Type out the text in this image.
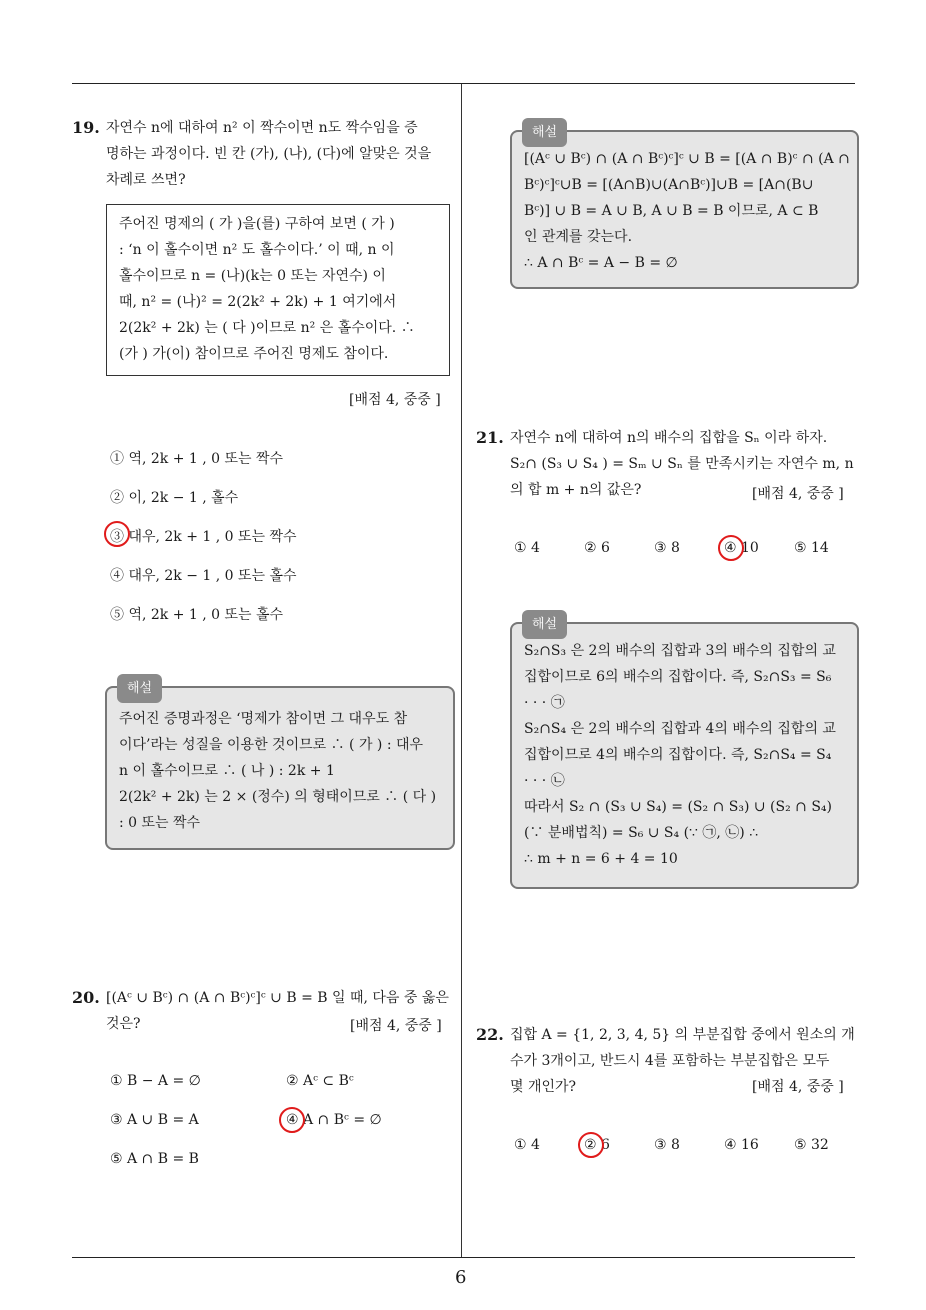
19. 자연수 n에 대하여 n² 이 짝수이면 n도 짝수임을 증
명하는 과정이다. 빈 칸 (가), (나), (다)에 알맞은 것을
차례로 쓰면?
주어진 명제의 ( 가 )을(를) 구하여 보면 ( 가 )
: ‘n 이 홀수이면 n² 도 홀수이다.’ 이 때, n 이
홀수이므로 n = (나)(k는 0 또는 자연수) 이
때, n² = (나)² = 2(2k² + 2k) + 1 여기에서
2(2k² + 2k) 는 ( 다 )이므로 n² 은 홀수이다. ∴
(가 ) 가(이) 참이므로 주어진 명제도 참이다.
[배점 4, 중중 ]
① 역, 2k + 1 , 0 또는 짝수
② 이, 2k − 1 , 홀수
③ 대우, 2k + 1 , 0 또는 짝수
④ 대우, 2k − 1 , 0 또는 홀수
⑤ 역, 2k + 1 , 0 또는 홀수
해설
주어진 증명과정은 ‘명제가 참이면 그 대우도 참
이다’라는 성질을 이용한 것이므로 ∴ ( 가 ) : 대우
n 이 홀수이므로 ∴ ( 나 ) : 2k + 1
2(2k² + 2k) 는 2 × (정수) 의 형태이므로 ∴ ( 다 )
: 0 또는 짝수
20. [(Aᶜ ∪ Bᶜ) ∩ (A ∩ Bᶜ)ᶜ]ᶜ ∪ B = B 일 때, 다음 중 옳은
것은?	[배점 4, 중중 ]
① B − A = ∅	② Aᶜ ⊂ Bᶜ
③ A ∪ B = A	④ A ∩ Bᶜ = ∅
⑤ A ∩ B = B
해설
[(Aᶜ ∪ Bᶜ) ∩ (A ∩ Bᶜ)ᶜ]ᶜ ∪ B = [(A ∩ B)ᶜ ∩ (A ∩
Bᶜ)ᶜ]ᶜ∪B = [(A∩B)∪(A∩Bᶜ)]∪B = [A∩(B∪
Bᶜ)] ∪ B = A ∪ B, A ∪ B = B 이므로, A ⊂ B
인 관계를 갖는다.
∴ A ∩ Bᶜ = A − B = ∅
21. 자연수 n에 대하여 n의 배수의 집합을 Sₙ 이라 하자.
S₂∩ (S₃ ∪ S₄ ) = Sₘ ∪ Sₙ 를 만족시키는 자연수 m, n
의 합 m + n의 값은?	[배점 4, 중중 ]
① 4	② 6	③ 8	④ 10	⑤ 14
해설
S₂∩S₃ 은 2의 배수의 집합과 3의 배수의 집합의 교
집합이므로 6의 배수의 집합이다. 즉, S₂∩S₃ = S₆
· · · ㉠
S₂∩S₄ 은 2의 배수의 집합과 4의 배수의 집합의 교
집합이므로 4의 배수의 집합이다. 즉, S₂∩S₄ = S₄
· · · ㉡
따라서 S₂ ∩ (S₃ ∪ S₄) = (S₂ ∩ S₃) ∪ (S₂ ∩ S₄)
(∵ 분배법칙) = S₆ ∪ S₄ (∵ ㉠, ㉡) ∴
∴ m + n = 6 + 4 = 10
22. 집합 A = {1, 2, 3, 4, 5} 의 부분집합 중에서 원소의 개
수가 3개이고, 반드시 4를 포함하는 부분집합은 모두
몇 개인가?	[배점 4, 중중 ]
① 4	② 6	③ 8	④ 16	⑤ 32
6
